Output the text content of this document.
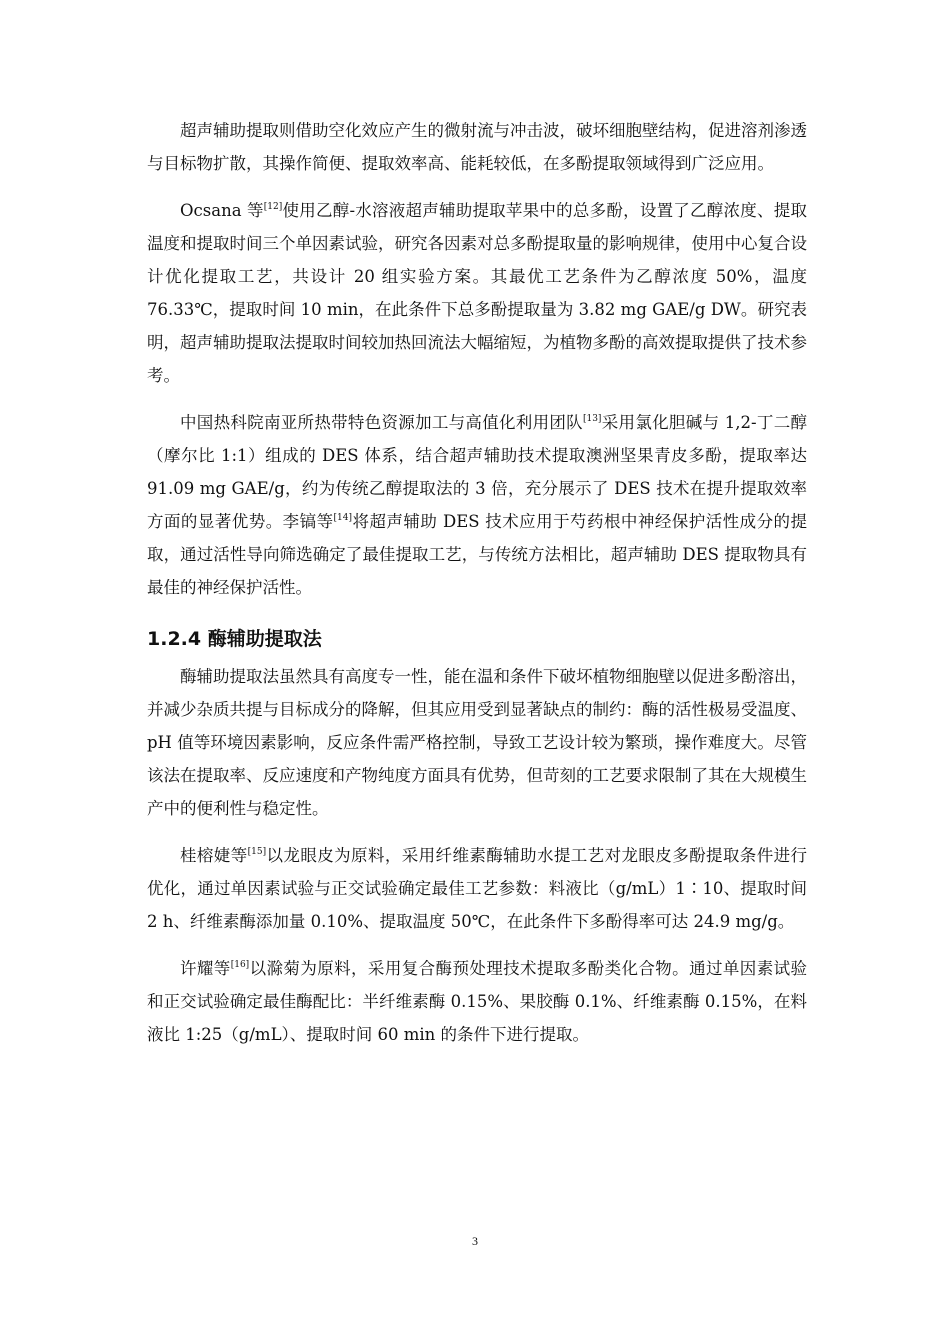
超声辅助提取则借助空化效应产生的微射流与冲击波，破坏细胞壁结构，促进溶剂渗透与目标物扩散，其操作简便、提取效率高、能耗较低，在多酚提取领域得到广泛应用。

Ocsana 等[12]使用乙醇-水溶液超声辅助提取苹果中的总多酚，设置了乙醇浓度、提取温度和提取时间三个单因素试验，研究各因素对总多酚提取量的影响规律，使用中心复合设计优化提取工艺，共设计 20 组实验方案。其最优工艺条件为乙醇浓度 50%，温度 76.33℃，提取时间 10 min，在此条件下总多酚提取量为 3.82 mg GAE/g DW。研究表明，超声辅助提取法提取时间较加热回流法大幅缩短，为植物多酚的高效提取提供了技术参考。

中国热科院南亚所热带特色资源加工与高值化利用团队[13]采用氯化胆碱与 1,2-丁二醇（摩尔比 1:1）组成的 DES 体系，结合超声辅助技术提取澳洲坚果青皮多酚，提取率达 91.09 mg GAE/g，约为传统乙醇提取法的 3 倍，充分展示了 DES 技术在提升提取效率方面的显著优势。李镐等[14]将超声辅助 DES 技术应用于芍药根中神经保护活性成分的提取，通过活性导向筛选确定了最佳提取工艺，与传统方法相比，超声辅助 DES 提取物具有最佳的神经保护活性。

1.2.4 酶辅助提取法

酶辅助提取法虽然具有高度专一性，能在温和条件下破坏植物细胞壁以促进多酚溶出，并减少杂质共提与目标成分的降解，但其应用受到显著缺点的制约：酶的活性极易受温度、pH 值等环境因素影响，反应条件需严格控制，导致工艺设计较为繁琐，操作难度大。尽管该法在提取率、反应速度和产物纯度方面具有优势，但苛刻的工艺要求限制了其在大规模生产中的便利性与稳定性。

桂榕婕等[15]以龙眼皮为原料，采用纤维素酶辅助水提工艺对龙眼皮多酚提取条件进行优化，通过单因素试验与正交试验确定最佳工艺参数：料液比（g/mL）1∶10、提取时间 2 h、纤维素酶添加量 0.10%、提取温度 50℃，在此条件下多酚得率可达 24.9 mg/g。

许耀等[16]以滁菊为原料，采用复合酶预处理技术提取多酚类化合物。通过单因素试验和正交试验确定最佳酶配比：半纤维素酶 0.15%、果胶酶 0.1%、纤维素酶 0.15%，在料液比 1:25（g/mL）、提取时间 60 min 的条件下进行提取。

3
